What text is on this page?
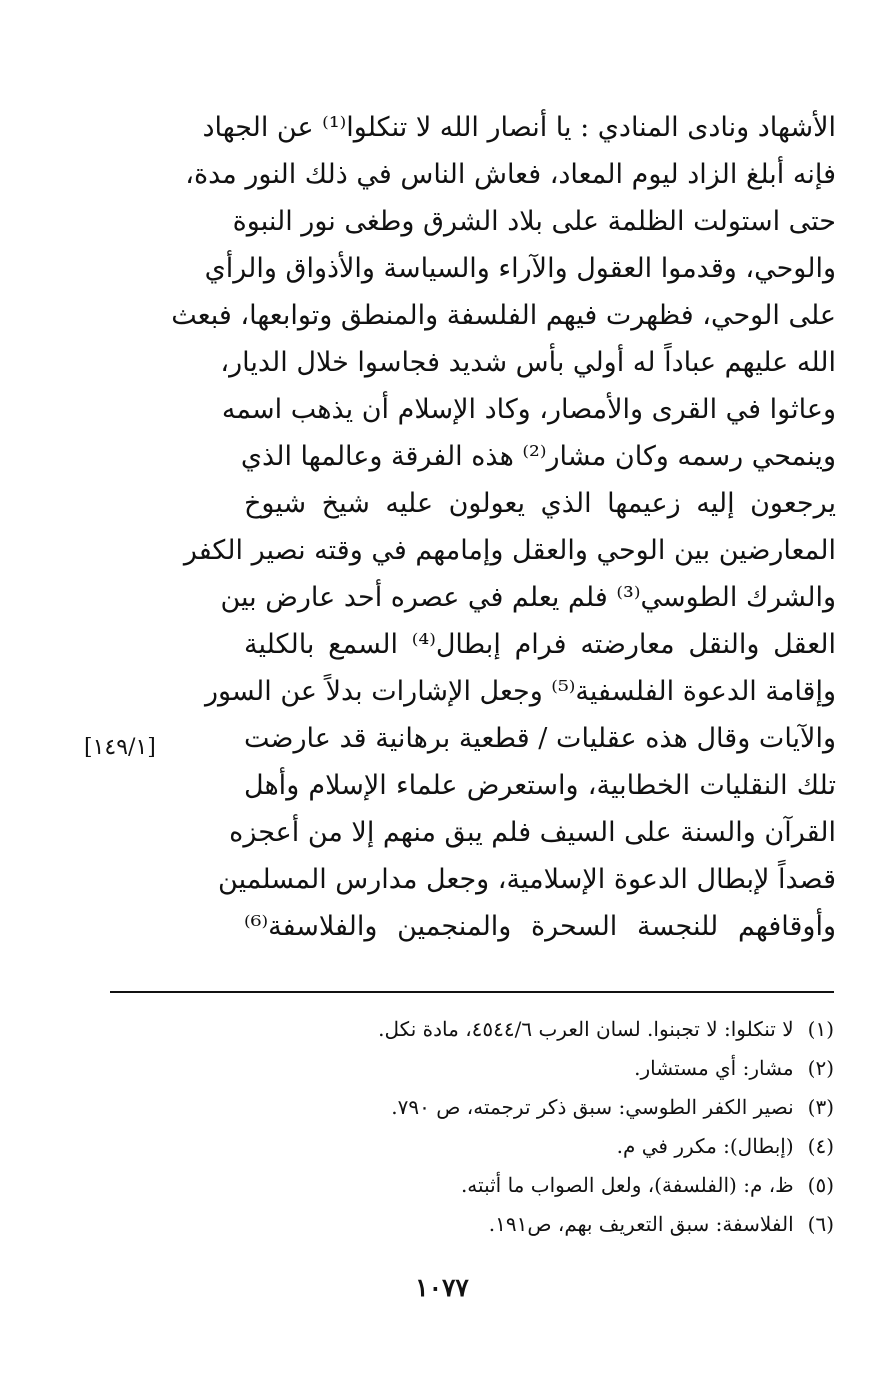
الأشهاد ونادى المنادي : يا أنصار الله لا تنكلوا⁽¹⁾ عن الجهاد
فإنه أبلغ الزاد ليوم المعاد، فعاش الناس في ذلك النور مدة،
حتى استولت الظلمة على بلاد الشرق وطغى نور النبوة
والوحي، وقدموا العقول والآراء والسياسة والأذواق والرأي
على الوحي، فظهرت فيهم الفلسفة والمنطق وتوابعها، فبعث
الله عليهم عباداً له أولي بأس شديد فجاسوا خلال الديار،
وعاثوا في القرى والأمصار، وكاد الإسلام أن يذهب اسمه
وينمحي رسمه وكان مشار⁽²⁾ هذه الفرقة وعالمها الذي
يرجعون إليه زعيمها الذي يعولون عليه شيخ شيوخ
المعارضين بين الوحي والعقل وإمامهم في وقته نصير الكفر
والشرك الطوسي⁽³⁾ فلم يعلم في عصره أحد عارض بين
العقل والنقل معارضته فرام إبطال⁽⁴⁾ السمع بالكلية
وإقامة الدعوة الفلسفية⁽⁵⁾ وجعل الإشارات بدلاً عن السور
والآيات وقال هذه عقليات / قطعية برهانية قد عارضت
تلك النقليات الخطابية، واستعرض علماء الإسلام وأهل
القرآن والسنة على السيف فلم يبق منهم إلا من أعجزه
قصداً لإبطال الدعوة الإسلامية، وجعل مدارس المسلمين
وأوقافهم للنجسة السحرة والمنجمين والفلاسفة⁽⁶⁾
[١٤٩/١]
(١) لا تنكلوا: لا تجبنوا. لسان العرب ٤٥٤٤/٦، مادة نكل.
(٢) مشار: أي مستشار.
(٣) نصير الكفر الطوسي: سبق ذكر ترجمته، ص ٧٩٠.
(٤) (إبطال): مكرر في م.
(٥) ظ، م: (الفلسفة)، ولعل الصواب ما أثبته.
(٦) الفلاسفة: سبق التعريف بهم، ص١٩١.
١٠٧٧
